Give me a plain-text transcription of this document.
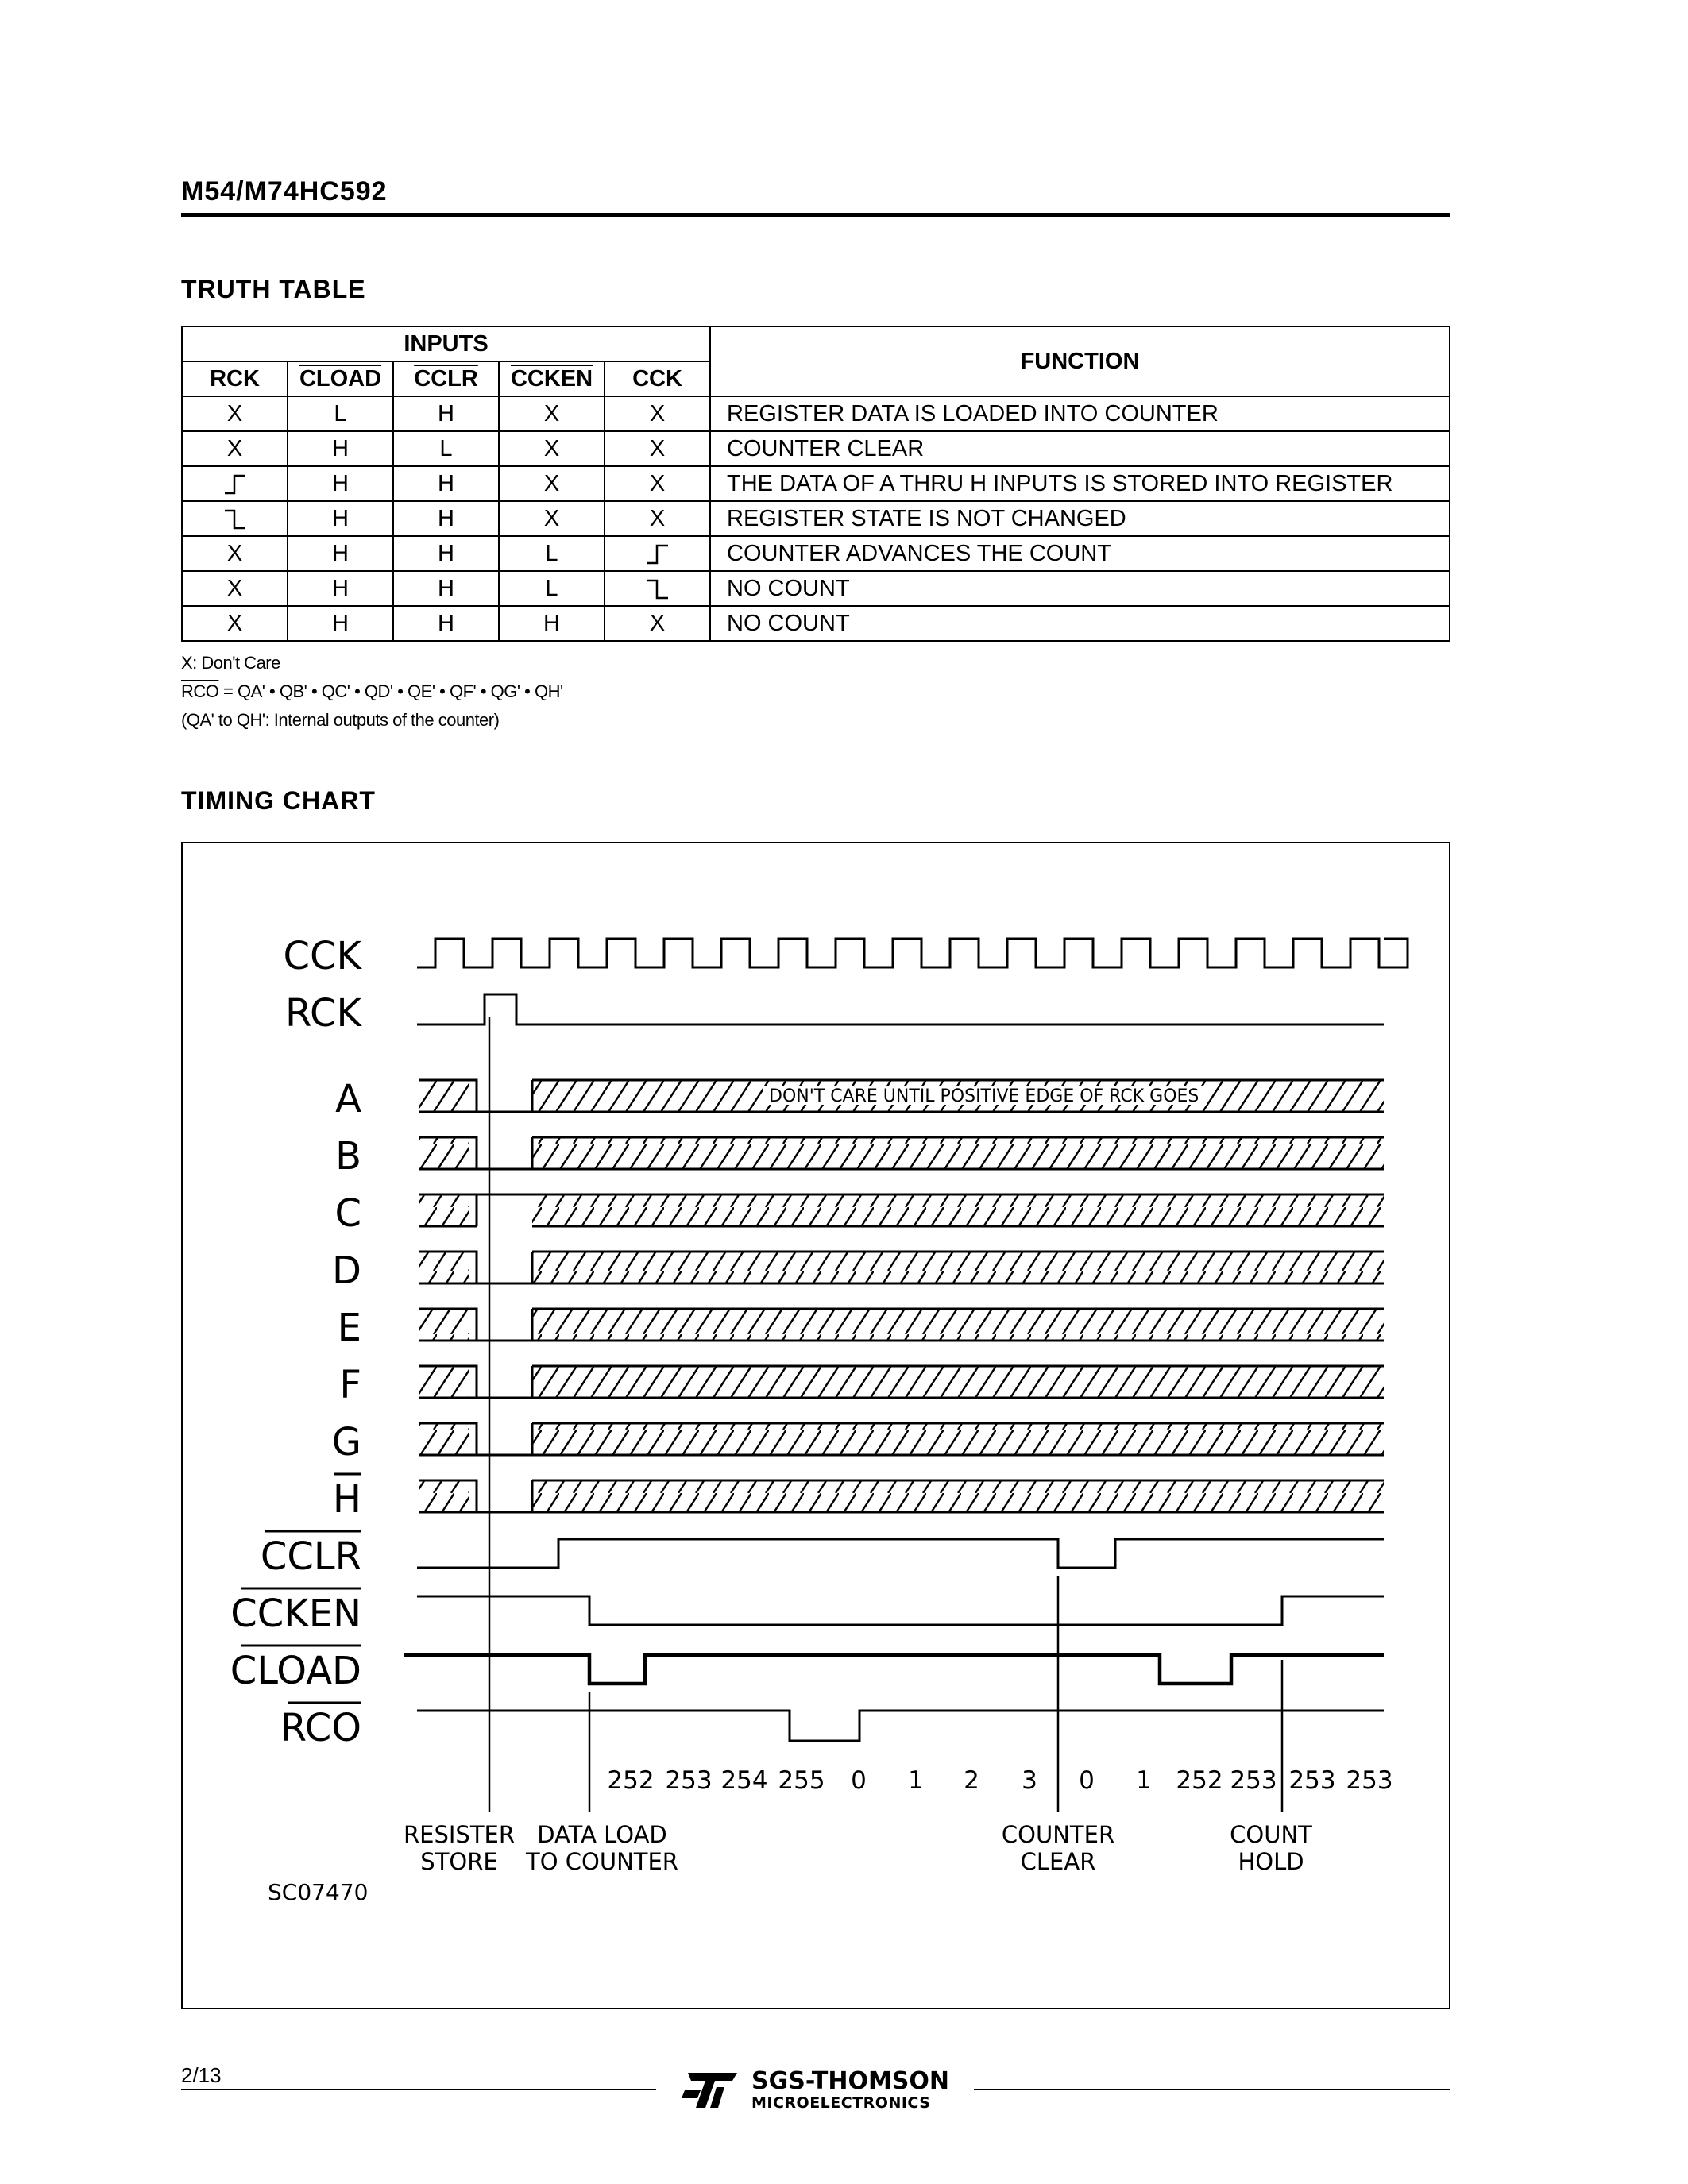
M54/M74HC592
TRUTH TABLE
INPUTS					FUNCTION
RCK	CLOAD	CCLR	CCKEN	CCK	
X	L	H	X	X	REGISTER DATA IS LOADED INTO COUNTER
X	H	L	X	X	COUNTER CLEAR
	H	H	X	X	THE DATA OF A THRU H INPUTS IS STORED INTO REGISTER
	H	H	X	X	REGISTER STATE IS NOT CHANGED
X	H	H	L		COUNTER ADVANCES THE COUNT
X	H	H	L		NO COUNT
X	H	H	H	X	NO COUNT
X: Don't Care
$\overline{RCO} = QA'$ • QB' • QC' • QD' • QE' • QF' • QG' • QH'
(QA' to QH': Internal outputs of the counter)
TIMING CHART
CCK
RCK
A
B
C
D
E
F
G
H
CCLR
CCKEN
CLOAD
RCO
DON'T CARE UNTIL POSITIVE EDGE OF RCK GOES
252 253 254 255 0 1 2 3 0 1 252 253 253 253
RESISTER
STORE
DATA LOAD
TO COUNTER
COUNTER
CLEAR
COUNT
HOLD
SC07470
2/13	SGS-THOMSON
MICROELECTRONICS
